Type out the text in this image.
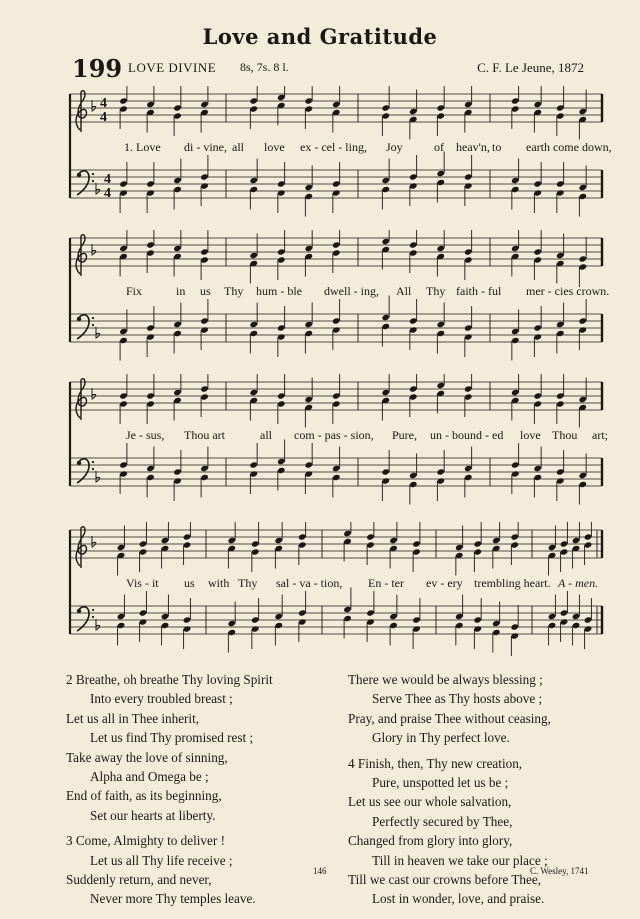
Love and Gratitude
199 LOVE DIVINE 8s, 7s. 8 l.	C. F. Le Jeune, 1872
4
4
4
4
1. Love di - vine, all love ex - cel - ling, Joy	of heav'n, to earth come down,
Fix	in us Thy hum - ble dwell - ing, All Thy faith - ful mer - cies crown.
Je - sus, Thou art	all com - pas - sion, Pure, un - bound - ed love Thou art;
Vis - it us with Thy sal - va - tion, En - ter ev - ery trembling heart. A - men.
2 Breathe, oh breathe Thy loving Spirit
Into every troubled breast ;
Let us all in Thee inherit,
Let us find Thy promised rest ;
Take away the love of sinning,
Alpha and Omega be ;
End of faith, as its beginning,
Set our hearts at liberty.
3 Come, Almighty to deliver !
Let us all Thy life receive ;
Suddenly return, and never,
Never more Thy temples leave.
There we would be always blessing ;
Serve Thee as Thy hosts above ;
Pray, and praise Thee without ceasing,
Glory in Thy perfect love.
4 Finish, then, Thy new creation,
Pure, unspotted let us be ;
Let us see our whole salvation,
Perfectly secured by Thee,
Changed from glory into glory,
Till in heaven we take our place ;
Till we cast our crowns before Thee,
Lost in wonder, love, and praise.
146	C. Wesley, 1741
